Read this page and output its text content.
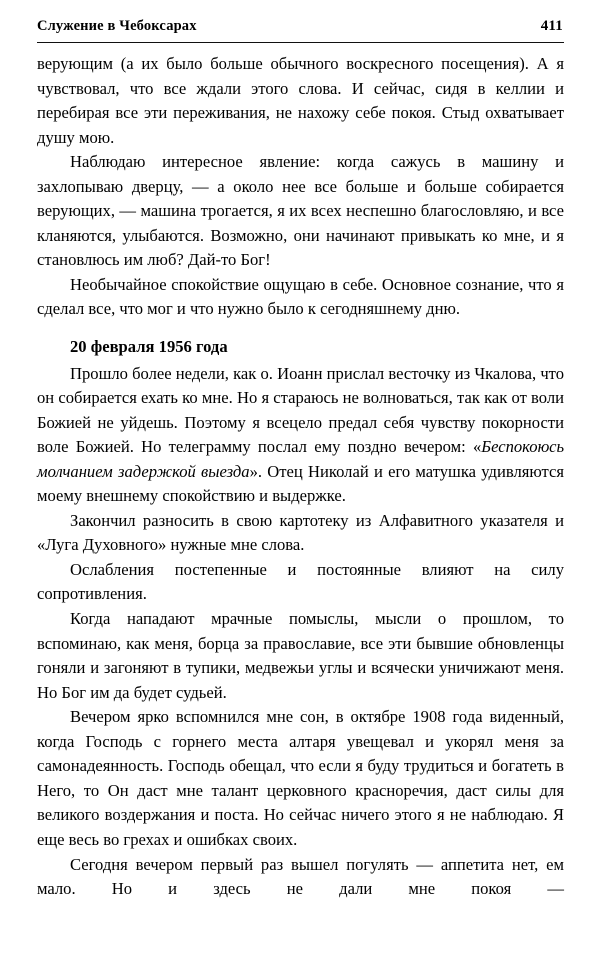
Служение в Чебоксарах	411

верующим (а их было больше обычного воскресного посещения). А я чувствовал, что все ждали этого слова. И сейчас, сидя в келлии и перебирая все эти переживания, не нахожу себе покоя. Стыд охватывает душу мою.

Наблюдаю интересное явление: когда сажусь в машину и захлопываю дверцу, — а около нее все больше и больше собирается верующих, — машина трогается, я их всех неспешно благословляю, и все кланяются, улыбаются. Возможно, они начинают привыкать ко мне, и я становлюсь им люб? Дай-то Бог!

Необычайное спокойствие ощущаю в себе. Основное сознание, что я сделал все, что мог и что нужно было к сегодняшнему дню.

20 февраля 1956 года

Прошло более недели, как о. Иоанн прислал весточку из Чкалова, что он собирается ехать ко мне. Но я стараюсь не волноваться, так как от воли Божией не уйдешь. Поэтому я всецело предал себя чувству покорности воле Божией. Но телеграмму послал ему поздно вечером: «Беспокоюсь молчанием задержкой выезда». Отец Николай и его матушка удивляются моему внешнему спокойствию и выдержке.

Закончил разносить в свою картотеку из Алфавитного указателя и «Луга Духовного» нужные мне слова.

Ослабления постепенные и постоянные влияют на силу сопротивления.

Когда нападают мрачные помыслы, мысли о прошлом, то вспоминаю, как меня, борца за православие, все эти бывшие обновленцы гоняли и загоняют в тупики, медвежьи углы и всячески уничижают меня. Но Бог им да будет судьей.

Вечером ярко вспомнился мне сон, в октябре 1908 года виденный, когда Господь с горнего места алтаря увещевал и укорял меня за самонадеянность. Господь обещал, что если я буду трудиться и богатеть в Него, то Он даст мне талант церковного красноречия, даст силы для великого воздержания и поста. Но сейчас ничего этого я не наблюдаю. Я еще весь во грехах и ошибках своих.

Сегодня вечером первый раз вышел погулять — аппетита нет, ем мало. Но и здесь не дали мне покоя —
